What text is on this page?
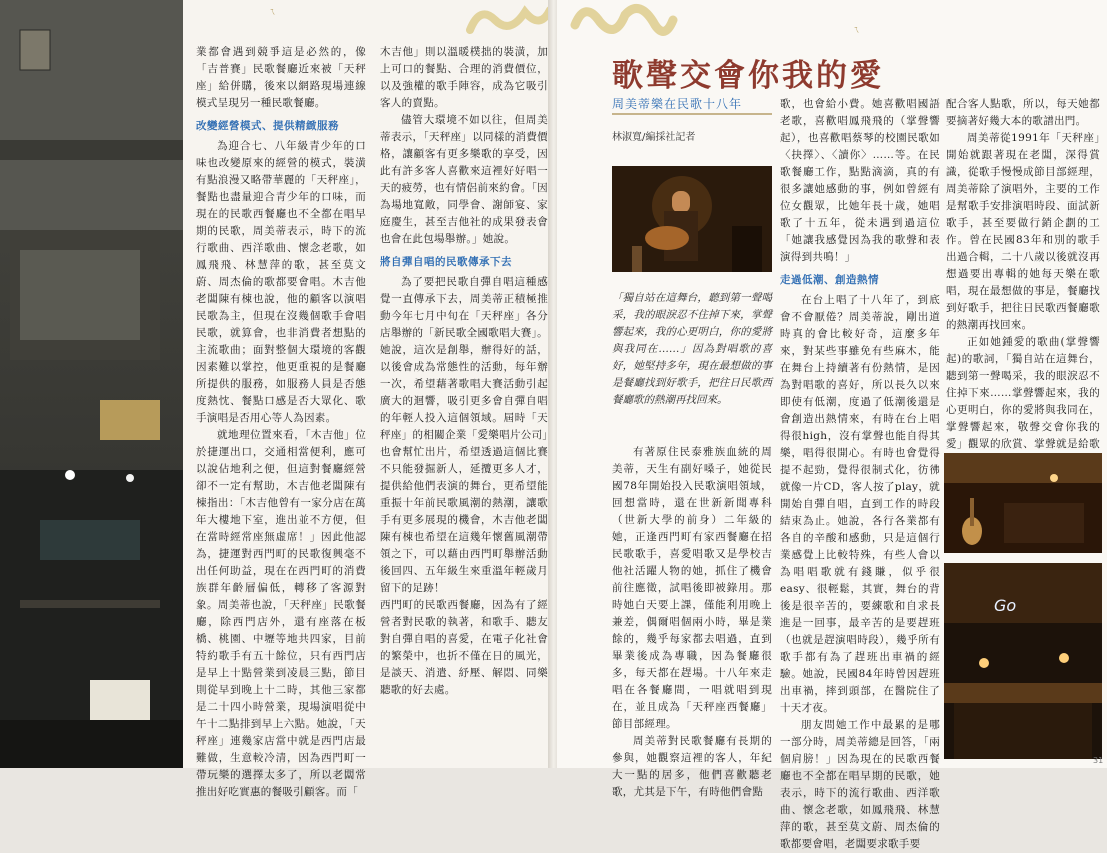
ㄟ

業都會遇到競爭這是必然的，像「吉普賽」民歌餐廳近來被「天秤座」給併購，後來以網路現場連線模式呈現另一種民歌餐廳。

改變經營模式、提供精緻服務

為迎合七、八年級青少年的口味也改變原來的經營的模式，裝潢有點浪漫又略帶華麗的「天秤座」，餐點也盡量迎合青少年的口味，而現在的民歌西餐廳也不全都在唱早期的民歌，周美蒂表示，時下的流行歌曲、西洋歌曲、懷念老歌，如鳳飛飛、林慧萍的歌，甚至莫文蔚、周杰倫的歌都要會唱。木吉他老闆陳有棟也說，他的顧客以演唱民歌為主，但現在沒幾個歌手會唱民歌，就算會，也非消費者想點的主流歌曲；面對整個大環境的客觀因素難以掌控，他更重視的是餐廳所提供的服務，如服務人員是否態度熱忱、餐點口感是否大眾化、歌手演唱是否用心等人為因素。

就地理位置來看，「木吉他」位於捷運出口，交通相當便利，應可以說佔地利之便，但這對餐廳經營卻不一定有幫助，木吉他老闆陳有棟指出：「木吉他曾有一家分店在萬年大樓地下室，進出並不方便，但在當時經常座無虛席！」因此他認為，捷運對西門町的民歌復興毫不出任何助益，現在在西門町的消費族群年齡層偏低，轉移了客源對象。周美蒂也說，「天秤座」民歌餐廳，除西門店外，還有座落在板橋、桃園、中壢等地共四家，目前特約歌手有五十餘位，只有西門店是早上十點營業到凌晨三點，節目則從早到晚上十二時，其他三家都是二十四小時營業，現場演唱從中午十二點排到早上六點。她說，「天秤座」連幾家店當中就是西門店最難做，生意較冷清，因為西門町一帶玩樂的選擇太多了，所以老闆常推出好吃實惠的餐吸引顧客。而「

木吉他」則以溫暖樸拙的裝潢，加上可口的餐點、合理的消費價位，以及強權的歌手陣容，成為它吸引客人的賣點。

儘管大環境不如以往，但周美蒂表示，「天秤座」以同樣的消費價格，讓顧客有更多樂歌的享受，因此有許多客人喜歡來這裡好好唱一天的疲勞，也有情侶前來約會。「因為場地寬敞，同學會、謝師宴、家庭慶生，甚至吉他社的成果發表會也會在此包場舉辦。」她說。

將自彈自唱的民歌傳承下去

為了要把民歌自彈自唱這種感覺一直傳承下去，周美蒂正積極推動今年七月中旬在「天秤座」各分店舉辦的「新民歌全國歌唱大賽」。她說，這次是創舉，辦得好的話，以後會成為常態性的活動，每年辦一次，希望藉著歌唱大賽活動引起廣大的迴響，吸引更多會自彈自唱的年輕人投入這個領域。屆時「天秤座」的相關企業「愛樂唱片公司」也會幫忙出片，希望透過這個比賽不只能發掘新人，延攬更多人才，提供給他們表演的舞台，更希望能重振十年前民歌風潮的熱潮，讓歌手有更多展現的機會，木吉他老闆陳有棟也希望在這幾年懷舊風潮帶領之下，可以藉由西門町舉辦活動後回四、五年級生來重溫年輕歲月留下的足跡！

西門町的民歌西餐廳，因為有了經營者對民歌的執著，和歌手、聽友對自彈自唱的喜愛，在電子化社會的繁榮中，也折不僅在日的風光，是談天、消遣、紓壓、解悶、同樂聽歌的好去處。

ㄟ
歌聲交會你我的愛
周美蒂樂在民歌十八年
林淑寬/編採社記者
「獨自站在這舞台，聽到第一聲喝采，我的眼淚忍不住掉下來，掌聲響起來，我的心更明白，你的愛將與我同在……」因為對唱歌的喜好，她堅持多年，現在最想做的事是餐廳找到好歌手，把往日民歌西餐廳歌的熱潮再找回來。

有著原住民泰雅族血統的周美蒂，天生有副好嗓子，她從民國78年開始投入民歌演唱領域，回想當時，還在世新新聞專科（世新大學的前身）二年級的她，正逢西門町有家西餐廳在招民歌歌手，喜愛唱歌又是學校吉他社活躍人物的她，抓住了機會前往應徵，試唱後即被錄用。那時她白天要上課，僅能利用晚上兼差，偶爾唱個兩小時，畢是業餘的，幾乎每家都去唱過，直到畢業後成為專職，因為餐廳很多，每天都在趕場。十八年來走唱在各餐廳間，一唱就唱到現在，並且成為「天秤座西餐廳」節目部經理。

周美蒂對民歌餐廳有長期的參與，她觀察這裡的客人，年紀大一點的居多，他們喜歡聽老歌，尤其是下午，有時他們會點

歌，也會給小費。她喜歡唱國語老歌，喜歡唱鳳飛飛的（掌聲響起），也喜歡唱蔡琴的校園民歌如〈抉擇〉、〈讀你〉……等。在民歌餐廳工作，點點滴滴，真的有很多讓她感動的事，例如曾經有位女觀眾，比她年長十歲，她唱歌了十五年，從未遇到過這位「她讓我感覺因為我的歌聲和表演得到共鳴！」

走過低潮、創造熱情

在台上唱了十八年了，到底會不會厭倦？周美蒂說，剛出道時真的會比較好奇，這麼多年來，對某些事雖免有些麻木，能在舞台上持續著有份熱情，是因為對唱歌的喜好，所以長久以來即使有低潮，度過了低潮後還是會創造出熱情來，有時在台上唱得很high，沒有掌聲也能自得其樂，唱得很開心。有時也會覺得提不起勁，覺得很制式化，彷彿就像一片CD，客人按了play，就開始自彈自唱，直到工作的時段結束為止。她說，各行各業都有各自的辛酸和感動，只是這個行業感覺上比較特殊，有些人會以為唱唱歌就有錢賺，似乎很easy、很輕鬆，其實，舞台的背後是很辛苦的，要練歌和自求長進是一回事，最辛苦的是要趕班（也就是趕演唱時段），幾乎所有歌手都有為了趕班出車禍的經驗。她說，民國84年時曾因趕班出車禍，摔到頭部，在醫院住了十天才夜。

朋友問她工作中最累的是哪一部分時，周美蒂總是回答，「兩個肩膀！」因為現在的民歌西餐廳也不全都在唱早期的民歌，她表示，時下的流行歌曲、西洋歌曲、懷念老歌，如鳳飛飛、林慧萍的歌，甚至莫文蔚、周杰倫的歌都要會唱，老闆要求歌手要

配合客人點歌，所以，每天她都要摘著好幾大本的歌譜出門。

周美蒂從1991年「天秤座」開始就跟著現在老闆，深得賞識，從歌手慢慢成節目部經理，周美蒂除了演唱外，主要的工作是幫歌手安排演唱時段、面試新歌手，甚至要做行銷企劃的工作。曾在民國83年和別的歌手出過合輯，二十八歲以後就沒再想過要出專輯的她每天樂在歌唱，現在最想做的事是，餐廳找到好歌手，把往日民歌西餐廳歌的熱潮再找回來。

正如她鍾愛的歌曲(掌聲響起)的歌詞，「獨自站在這舞台，聽到第一聲喝采，我的眼淚忍不住掉下來……掌聲響起來，我的心更明白，你的愛將與我同在，掌聲響起來，敬聲交會你我的愛」觀眾的欣賞、掌聲就是給歌

Go
31
